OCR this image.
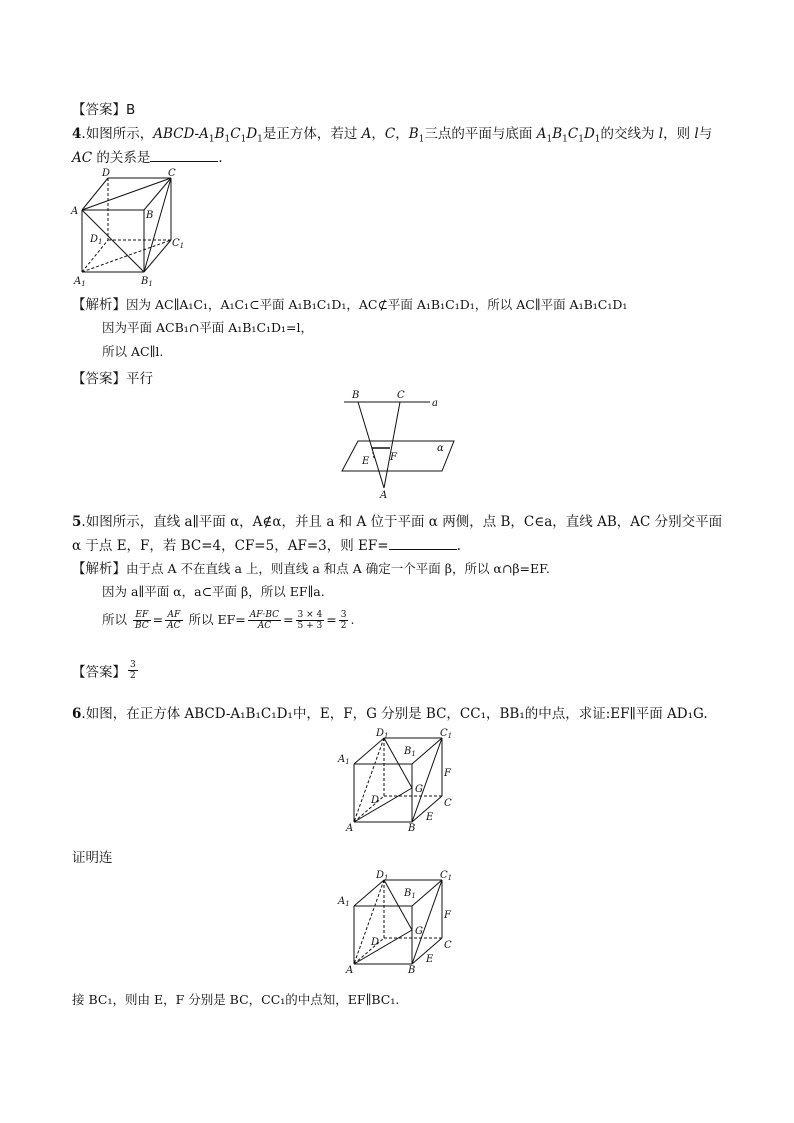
【答案】B
4.如图所示，ABCD-$A_1B_1C_1D_1$是正方体，若过 A，C，$B_1$三点的平面与底面 $A_1B_1C_1D_1$的交线为 l，则 l与
AC 的关系是	.
D	C
A	B
$D_1$	$C_1$
$A_1$	$B_1$
【解析】因为 AC∥A₁C₁，A₁C₁⊂平面 A₁B₁C₁D₁，AC⊄平面 A₁B₁C₁D₁，所以 AC∥平面 A₁B₁C₁D₁
因为平面 ACB₁∩平面 A₁B₁C₁D₁=l，
所以 AC∥l.
【答案】平行
B	C
a
α
E F
A
5.如图所示，直线 a∥平面 α，A∉α，并且 a 和 A 位于平面 α 两侧，点 B，C∈a，直线 AB，AC 分别交平面
α 于点 E，F，若 BC=4，CF=5，AF=3，则 EF=	.
【解析】由于点 A 不在直线 a 上，则直线 a 和点 A 确定一个平面 β，所以 α∩β=EF.
因为 a∥平面 α，a⊂平面 β，所以 EF∥a.
所以 $\frac{EF}{BC} = \frac{AF}{AC}$ 所以 $EF= \frac{AF\cdot BC}{AC} = \frac{3 \times 4}{5 + 3} = \frac{3}{2}$ .
【答案】 $\frac{3}{2}$
6.如图，在正方体 ABCD-A₁B₁C₁D₁中，E，F，G 分别是 BC，CC₁，BB₁的中点，求证:EF∥平面 AD₁G.
$D_1$	$C_1$
$B_1$
$A_1$
F
G
D	C
E
A	B
证明连
$D_1$	$C_1$
$B_1$
$A_1$
F
G
D	C
E
A	B
接 BC₁，则由 E，F 分别是 BC，CC₁的中点知，EF∥BC₁.
